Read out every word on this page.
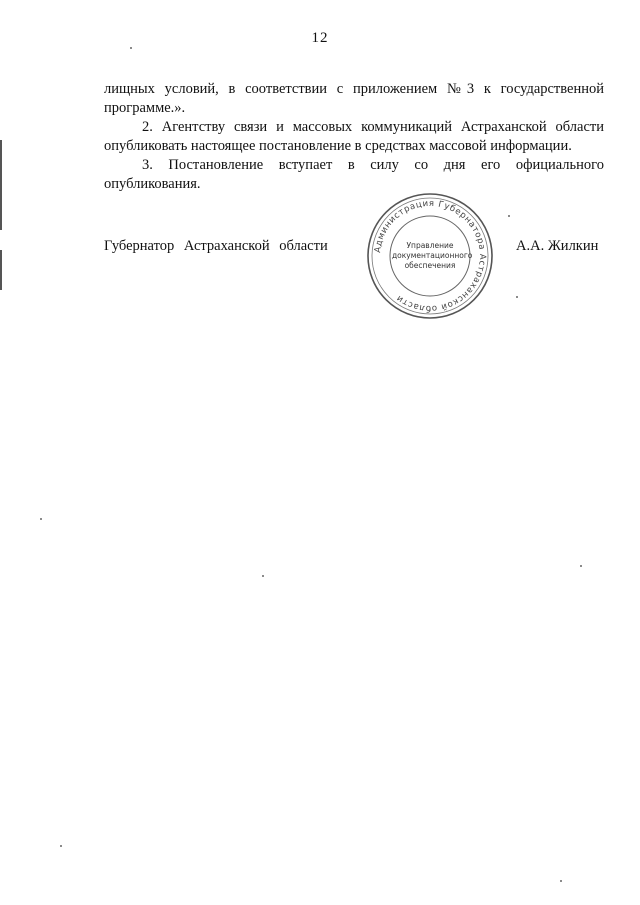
12

лищных условий, в соответствии с приложением №3 к государственной программе.».

2. Агентству связи и массовых коммуникаций Астраханской области опубликовать настоящее постановление в средствах массовой информации.

3. Постановление вступает в силу со дня его официального опубликования.

Губернатор Астраханской области	Администрация Губернатора Астраханской области
Управление
документационного
обеспечения
А.А. Жилкин
